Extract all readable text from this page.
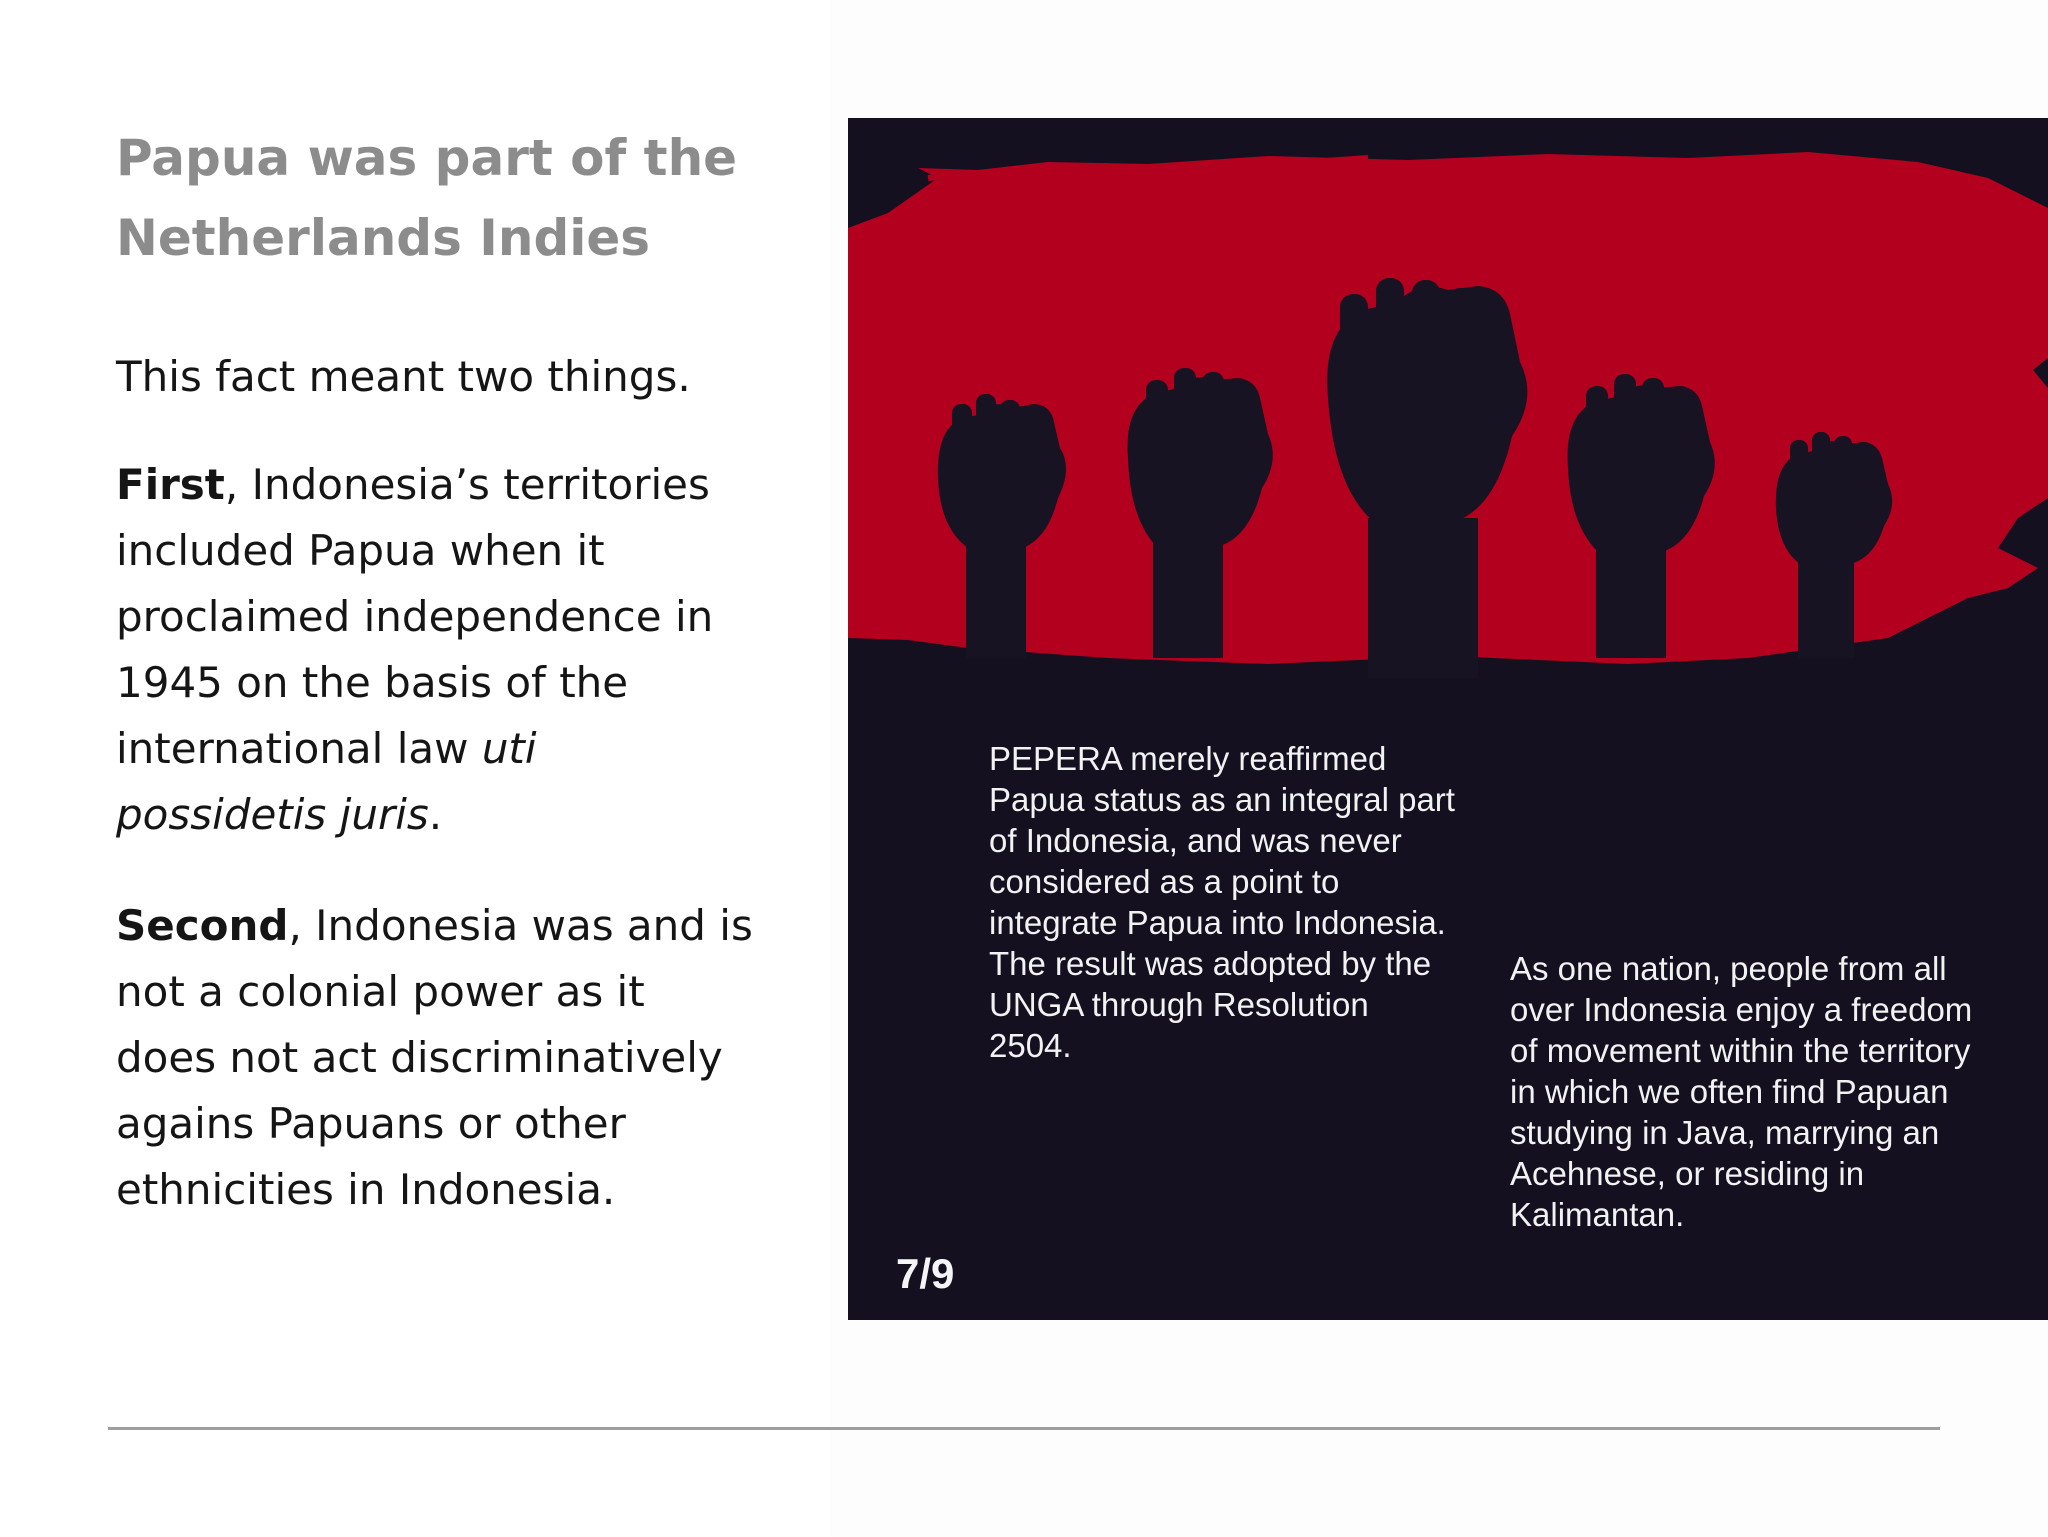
Papua was part of the Netherlands Indies

This fact meant two things.

First, Indonesia’s territories included Papua when it proclaimed independence in 1945 on the basis of the international law uti possidetis juris.

Second, Indonesia was and is not a colonial power as it does not act discriminatively agains Papuans or other ethnicities in Indonesia.

PEPERA merely reaffirmed Papua status as an integral part of Indonesia, and was never considered as a point to integrate Papua into Indonesia. The result was adopted by the UNGA through Resolution 2504.

As one nation, people from all over Indonesia enjoy a freedom of movement within the territory in which we often find Papuan studying in Java, marrying an Acehnese, or residing in Kalimantan.

7/9
